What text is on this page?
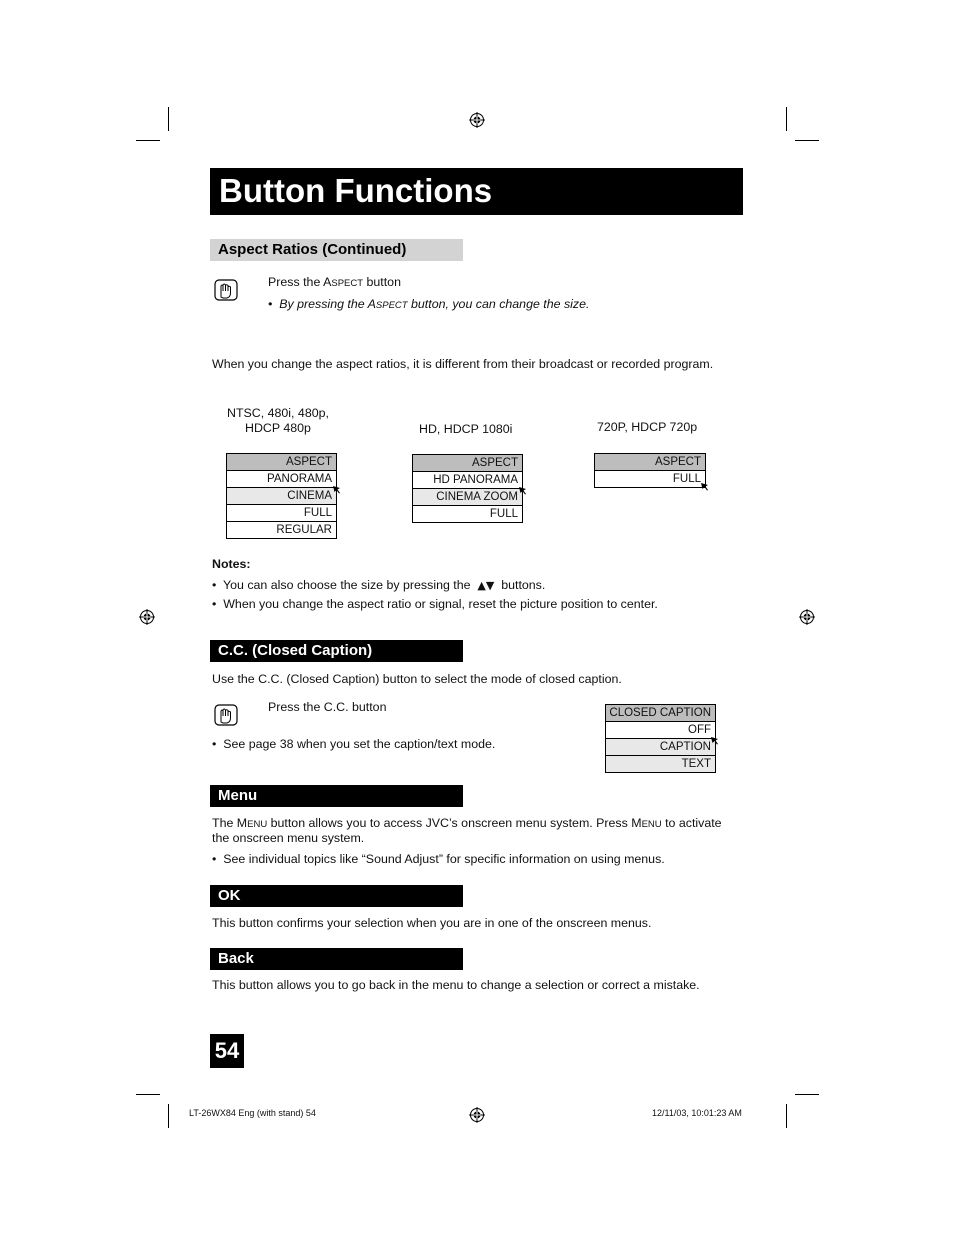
Button Functions
Aspect Ratios (Continued)
Press the ASPECT button
•  By pressing the ASPECT button, you can change the size.
When you change the aspect ratios, it is different from their broadcast or recorded program.
NTSC, 480i, 480p,
HDCP 480p	HD, HDCP 1080i	720P, HDCP 720p
ASPECT
PANORAMA
CINEMA
FULL
REGULAR
ASPECT
HD PANORAMA
CINEMA ZOOM
FULL
ASPECT
FULL
Notes:
•  You can also choose the size by pressing the ▲▼ buttons.
•  When you change the aspect ratio or signal, reset the picture position to center.
C.C. (Closed Caption)
Use the C.C. (Closed Caption) button to select the mode of closed caption.
Press the C.C. button
•  See page 38 when you set the caption/text mode.
CLOSED CAPTION
OFF
CAPTION
TEXT
Menu
The MENU button allows you to access JVC’s onscreen menu system. Press MENU to activate
the onscreen menu system.
•  See individual topics like “Sound Adjust” for specific information on using menus.
OK
This button confirms your selection when you are in one of the onscreen menus.
Back
This button allows you to go back in the menu to change a selection or correct a mistake.
54
LT-26WX84 Eng (with stand) 54	12/11/03, 10:01:23 AM
